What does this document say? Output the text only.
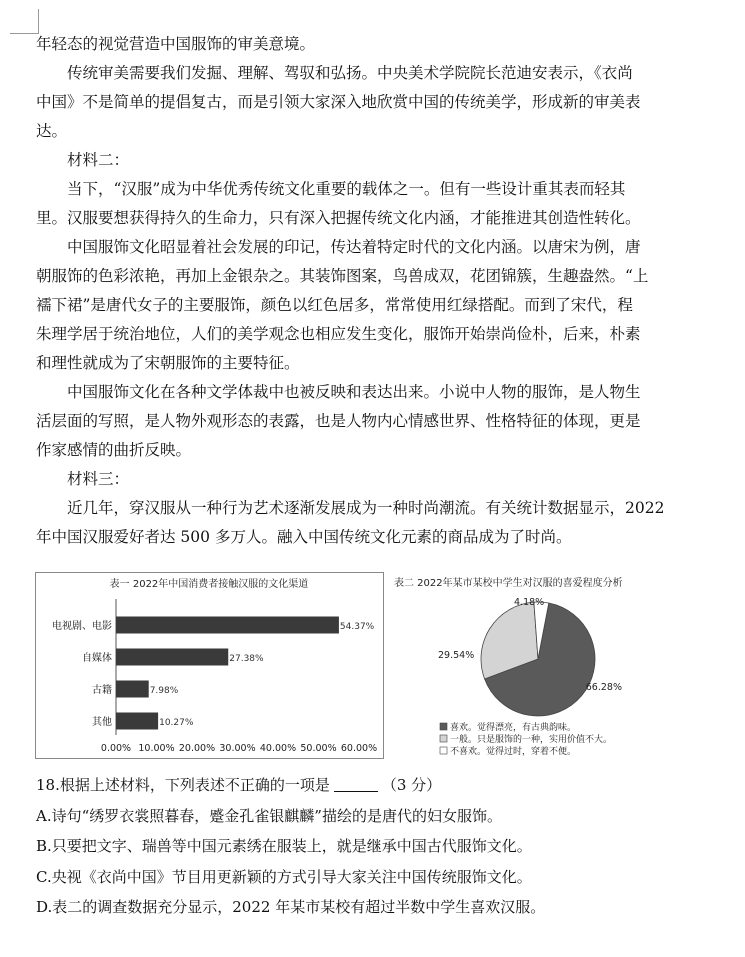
年轻态的视觉营造中国服饰的审美意境。

传统审美需要我们发掘、理解、驾驭和弘扬。中央美术学院院长范迪安表示，《衣尚
中国》不是简单的提倡复古，而是引领大家深入地欣赏中国的传统美学，形成新的审美表
达。

材料二：

当下，“汉服”成为中华优秀传统文化重要的载体之一。但有一些设计重其表而轻其
里。汉服要想获得持久的生命力，只有深入把握传统文化内涵，才能推进其创造性转化。

中国服饰文化昭显着社会发展的印记，传达着特定时代的文化内涵。以唐宋为例，唐
朝服饰的色彩浓艳，再加上金银杂之。其装饰图案，鸟兽成双，花团锦簇，生趣盎然。“上
襦下裙”是唐代女子的主要服饰，颜色以红色居多，常常使用红绿搭配。而到了宋代，程
朱理学居于统治地位，人们的美学观念也相应发生变化，服饰开始崇尚俭朴，后来，朴素
和理性就成为了宋朝服饰的主要特征。

中国服饰文化在各种文学体裁中也被反映和表达出来。小说中人物的服饰，是人物生
活层面的写照，是人物外观形态的表露，也是人物内心情感世界、性格特征的体现，更是
作家感情的曲折反映。

材料三：

近几年，穿汉服从一种行为艺术逐渐发展成为一种时尚潮流。有关统计数据显示，2022
年中国汉服爱好者达 500 多万人。融入中国传统文化元素的商品成为了时尚。

表一 2022年中国消费者接触汉服的文化渠道
电视剧、电影	54.37%
自媒体	27.38%
古籍	7.98%
其他	10.27%
0.00% 10.00% 20.00% 30.00% 40.00% 50.00% 60.00%
表二 2022年某市某校中学生对汉服的喜爱程度分析
66.28%
29.54%
4.18%
喜欢。觉得漂亮，有古典韵味。
一般。只是服饰的一种，实用价值不大。
不喜欢。觉得过时，穿着不便。
18.根据上述材料，下列表述不正确的一项是	（3 分）
A.诗句“绣罗衣裳照暮春，蹙金孔雀银麒麟”描绘的是唐代的妇女服饰。
B.只要把文字、瑞兽等中国元素绣在服装上，就是继承中国古代服饰文化。
C.央视《衣尚中国》节目用更新颖的方式引导大家关注中国传统服饰文化。
D.表二的调查数据充分显示，2022 年某市某校有超过半数中学生喜欢汉服。
